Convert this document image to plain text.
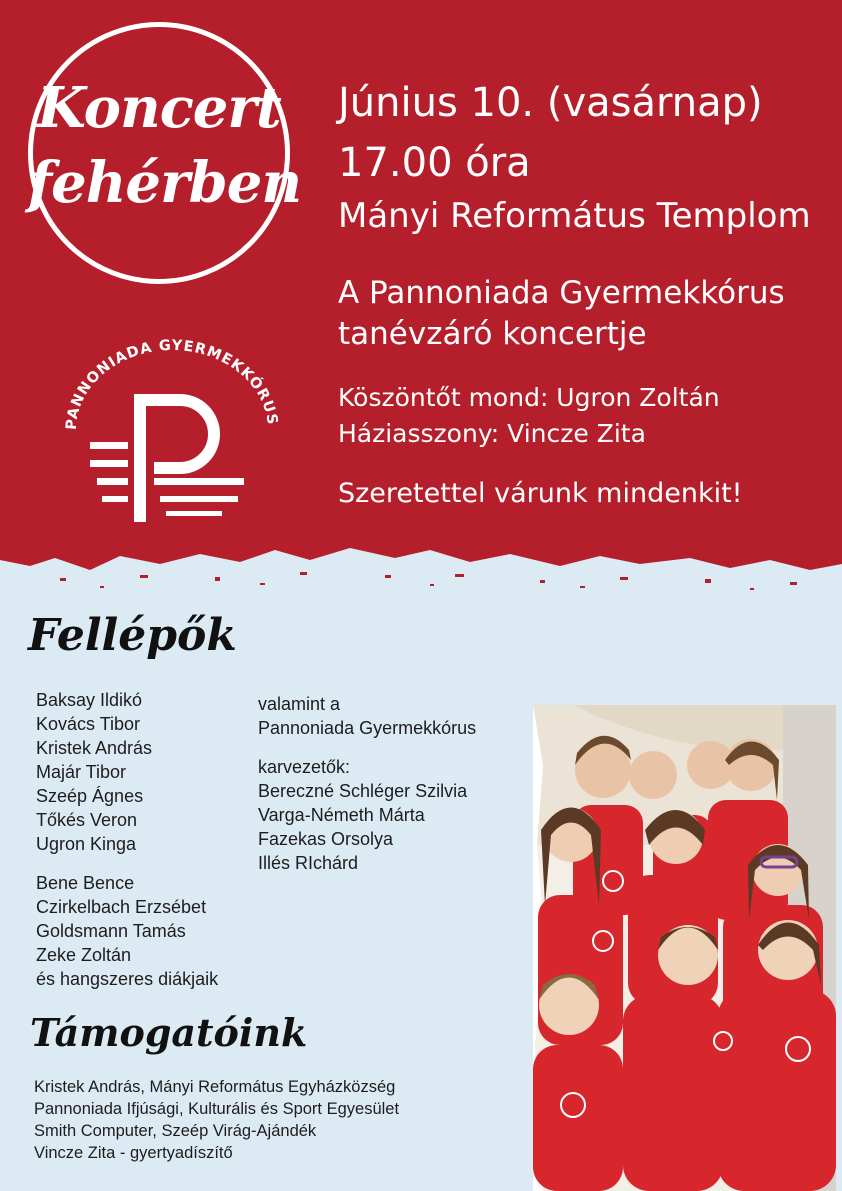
Koncert
fehérben
PANNONIADA GYERMEKKÓRUS
Június 10. (vasárnap)
17.00 óra
Mányi Református Templom
A Pannoniada Gyermekkórus
tanévzáró koncertje
Köszöntőt mond: Ugron Zoltán
Háziasszony: Vincze Zita
Szeretettel várunk mindenkit!
Fellépők
Baksay Ildikó
Kovács Tibor
Kristek András
Majár Tibor
Szeép Ágnes
Tőkés Veron
Ugron Kinga
Bene Bence
Czirkelbach Erzsébet
Goldsmann Tamás
Zeke Zoltán
és hangszeres diákjaik
valamint a
Pannoniada Gyermekkórus
karvezetők:
Bereczné Schléger Szilvia
Varga-Németh Márta
Fazekas Orsolya
Illés RIchárd
Támogatóink
Kristek András, Mányi Református Egyházközség
Pannoniada Ifjúsági, Kulturális és Sport Egyesület
Smith Computer, Szeép Virág-Ajándék
Vincze Zita - gyertyadíszítő
